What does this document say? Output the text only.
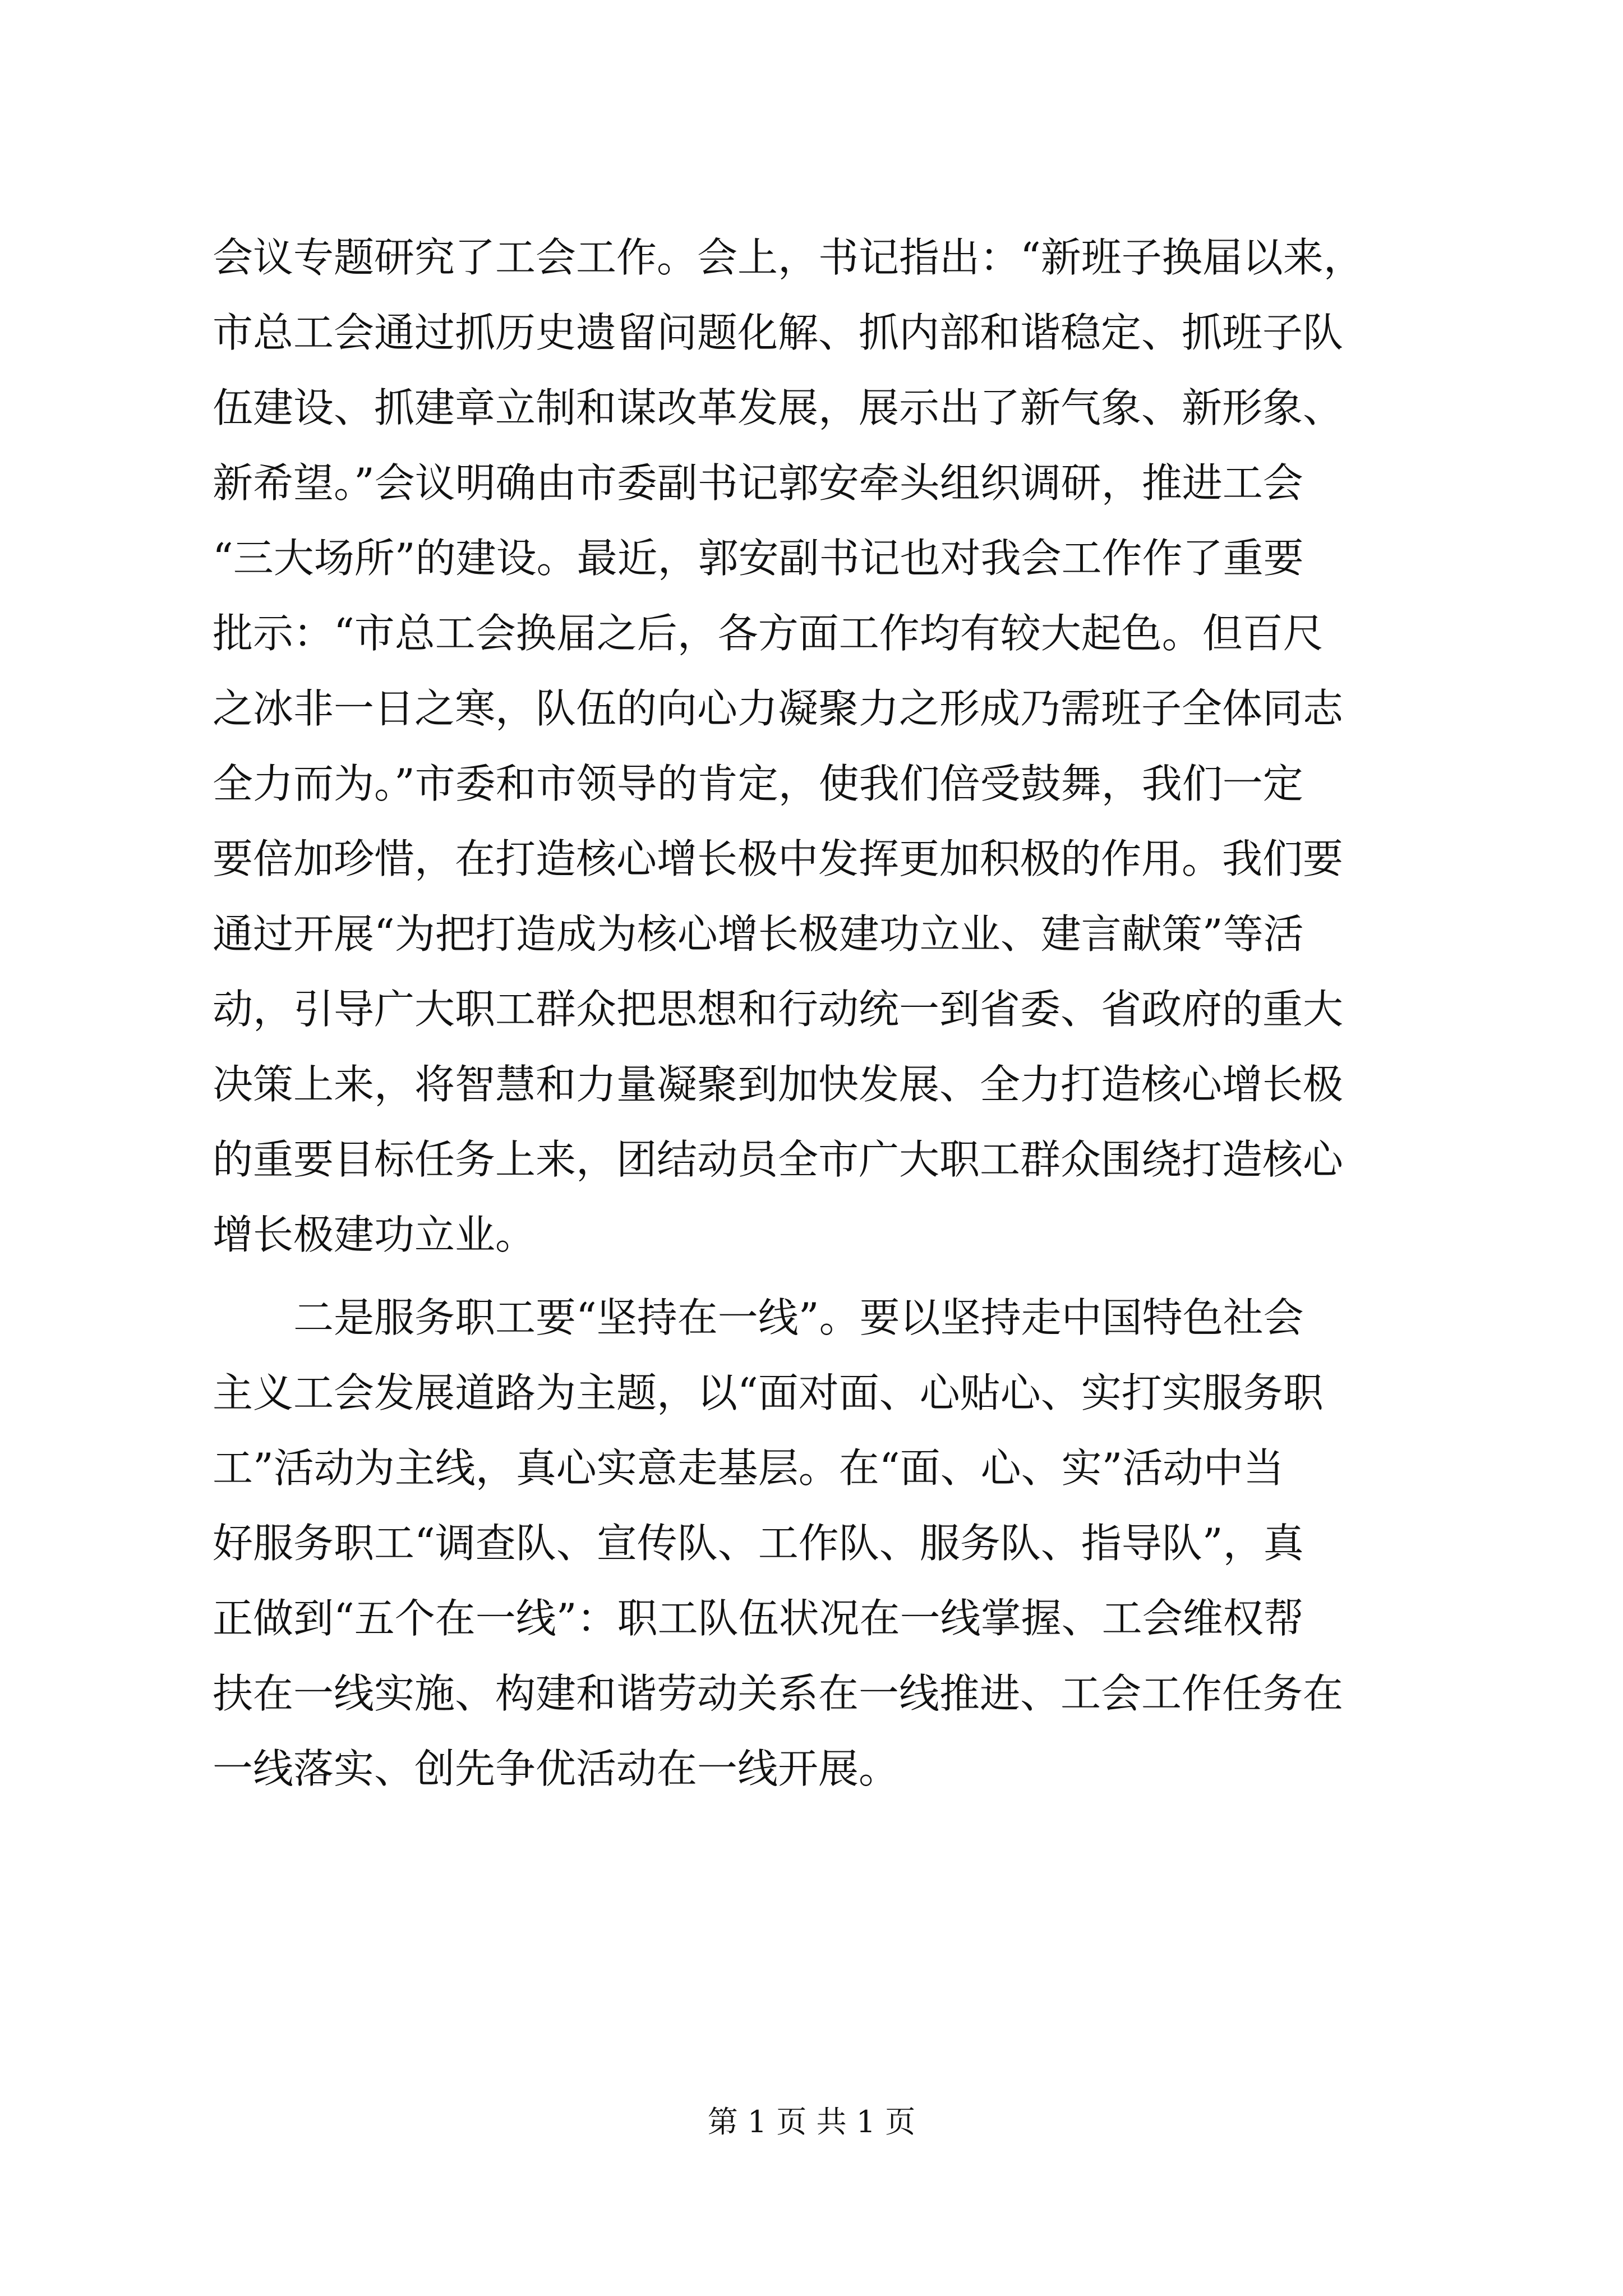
会议专题研究了工会工作。会上，书记指出：“新班子换届以来，
市总工会通过抓历史遗留问题化解、抓内部和谐稳定、抓班子队
伍建设、抓建章立制和谋改革发展，展示出了新气象、新形象、
新希望。”会议明确由市委副书记郭安牵头组织调研，推进工会
“三大场所”的建设。最近，郭安副书记也对我会工作作了重要
批示：“市总工会换届之后，各方面工作均有较大起色。但百尺
之冰非一日之寒，队伍的向心力凝聚力之形成乃需班子全体同志
全力而为。”市委和市领导的肯定，使我们倍受鼓舞，我们一定
要倍加珍惜，在打造核心增长极中发挥更加积极的作用。我们要
通过开展“为把打造成为核心增长极建功立业、建言献策”等活
动，引导广大职工群众把思想和行动统一到省委、省政府的重大
决策上来，将智慧和力量凝聚到加快发展、全力打造核心增长极
的重要目标任务上来，团结动员全市广大职工群众围绕打造核心
增长极建功立业。
　　二是服务职工要“坚持在一线”。要以坚持走中国特色社会
主义工会发展道路为主题，以“面对面、心贴心、实打实服务职
工”活动为主线，真心实意走基层。在“面、心、实”活动中当
好服务职工“调查队、宣传队、工作队、服务队、指导队”，真
正做到“五个在一线”：职工队伍状况在一线掌握、工会维权帮
扶在一线实施、构建和谐劳动关系在一线推进、工会工作任务在
一线落实、创先争优活动在一线开展。
第 1 页 共 1 页
